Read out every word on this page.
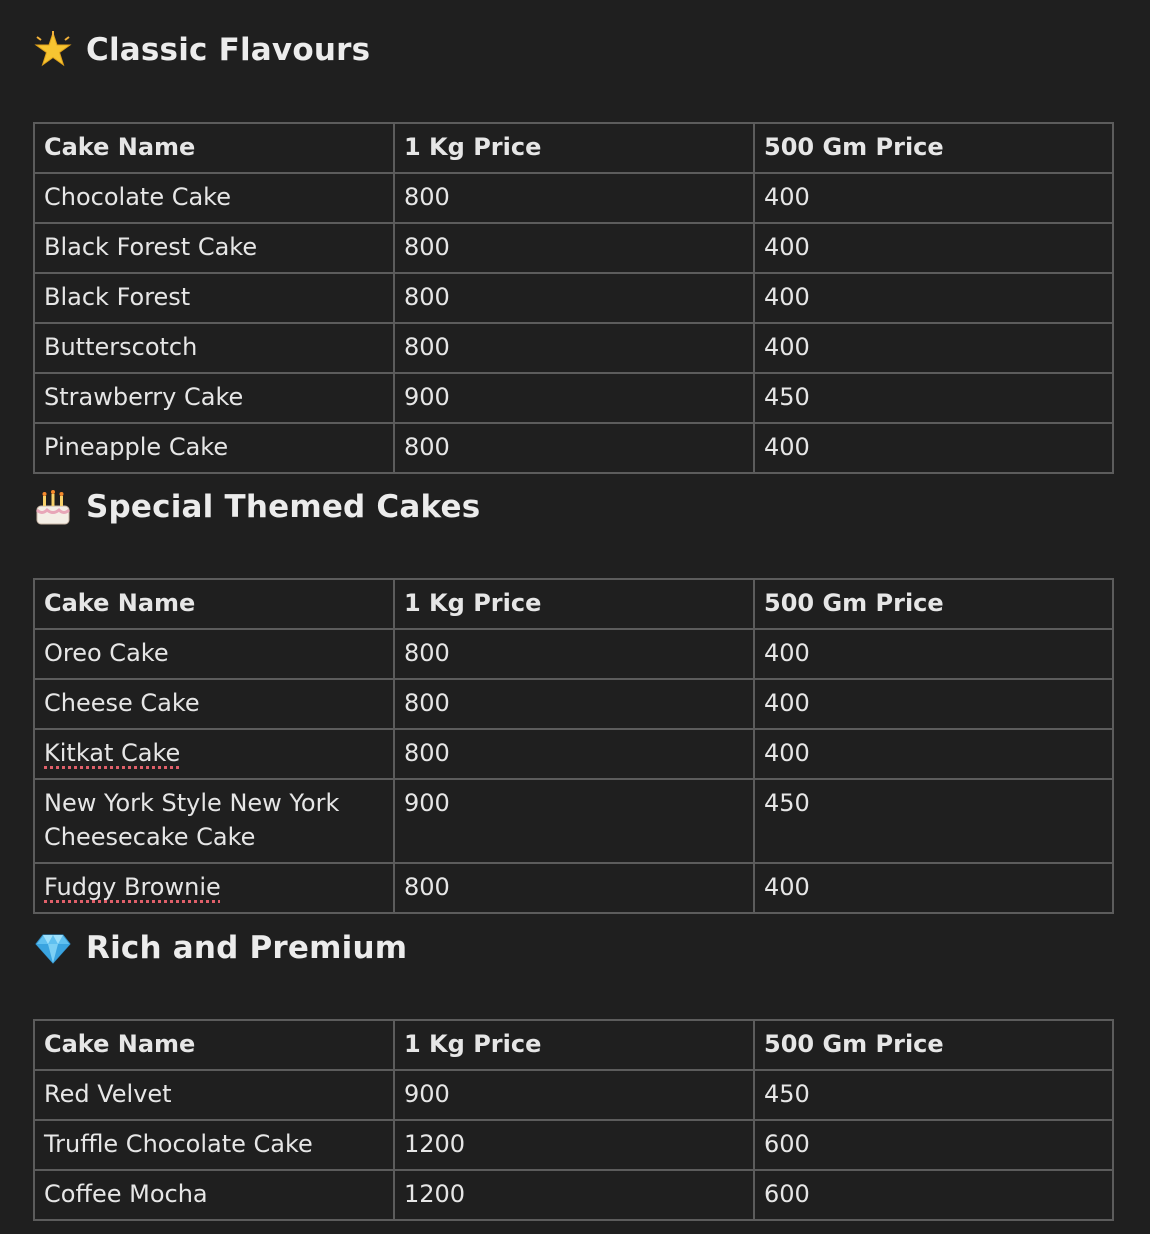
Classic Flavours
Cake Name	1 Kg Price	500 Gm Price
Chocolate Cake	800	400
Black Forest Cake	800	400
Black Forest	800	400
Butterscotch	800	400
Strawberry Cake	900	450
Pineapple Cake	800	400
Special Themed Cakes
Cake Name	1 Kg Price	500 Gm Price
Oreo Cake	800	400
Cheese Cake	800	400
Kitkat Cake	800	400
New York Style New York Cheesecake Cake	900	450
Fudgy Brownie	800	400
Rich and Premium
Cake Name	1 Kg Price	500 Gm Price
Red Velvet	900	450
Truffle Chocolate Cake	1200	600
Coffee Mocha	1200	600
